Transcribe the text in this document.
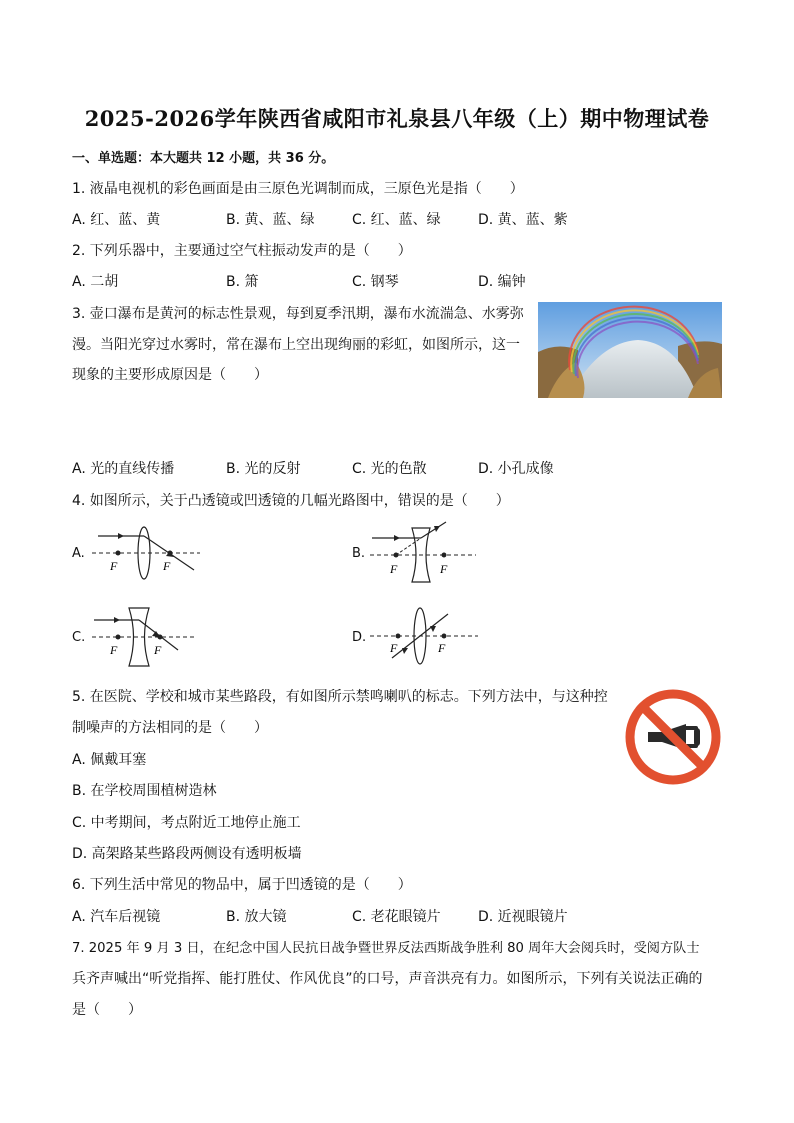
2025-2026学年陕西省咸阳市礼泉县八年级（上）期中物理试卷
一、单选题：本大题共 12 小题，共 36 分。
1. 液晶电视机的彩色画面是由三原色光调制而成，三原色光是指（　　）
A. 红、蓝、黄	B. 黄、蓝、绿	C. 红、蓝、绿	D. 黄、蓝、紫
2. 下列乐器中，主要通过空气柱振动发声的是（　　）
A. 二胡	B. 箫	C. 钢琴	D. 编钟
3. 壶口瀑布是黄河的标志性景观，每到夏季汛期，瀑布水流湍急、水雾弥
漫。当阳光穿过水雾时，常在瀑布上空出现绚丽的彩虹，如图所示，这一
现象的主要形成原因是（　　）
A. 光的直线传播	B. 光的反射	C. 光的色散	D. 小孔成像
4. 如图所示，关于凸透镜或凹透镜的几幅光路图中，错误的是（　　）
A.
F	F
B.
F	F
C.
F	F
D.
F	F
5. 在医院、学校和城市某些路段，有如图所示禁鸣喇叭的标志。下列方法中，与这种控
制噪声的方法相同的是（　　）
A. 佩戴耳塞
B. 在学校周围植树造林
C. 中考期间，考点附近工地停止施工
D. 高架路某些路段两侧设有透明板墙
6. 下列生活中常见的物品中，属于凹透镜的是（　　）
A. 汽车后视镜	B. 放大镜	C. 老花眼镜片	D. 近视眼镜片
7. 2025 年 9 月 3 日，在纪念中国人民抗日战争暨世界反法西斯战争胜利 80 周年大会阅兵时，受阅方队士
兵齐声喊出“听党指挥、能打胜仗、作风优良”的口号，声音洪亮有力。如图所示，下列有关说法正确的
是（　　）
